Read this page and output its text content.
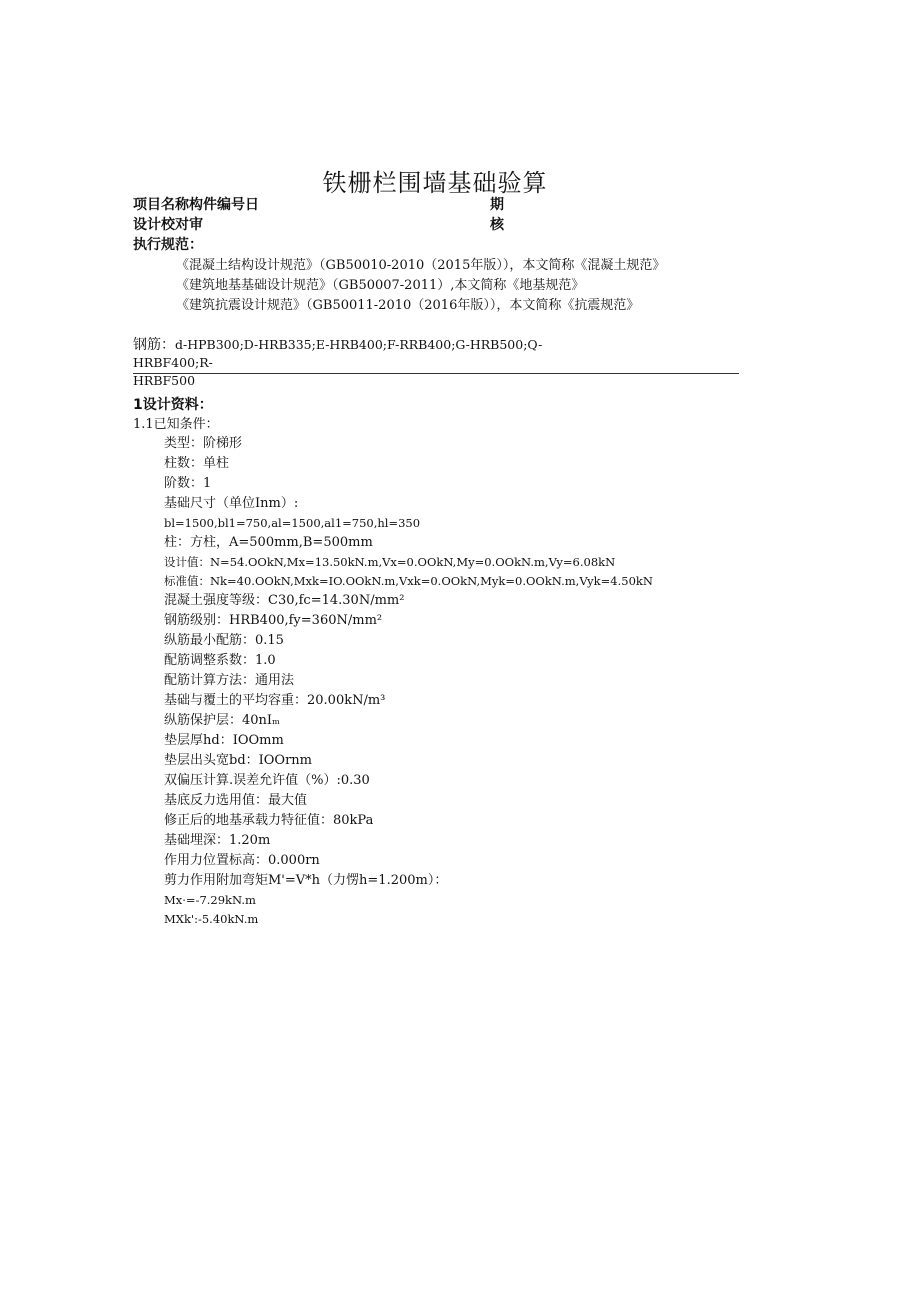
铁栅栏围墙基础验算
项目名称构件编号日	期
设计校对审	核
执行规范：
《混凝土结构设计规范》（GB50010-2010（2015年版）），本文简称《混凝土规范》
《建筑地基基础设计规范》（GB50007-2011）,本文简称《地基规范》
《建筑抗震设计规范》（GB50011-2010（2016年版）），本文简称《抗震规范》
钢筋：d-HPB300;D-HRB335;E-HRB400;F-RRB400;G-HRB500;Q-HRBF400;R-
HRBF500
1设计资料：
1.1已知条件：
类型：阶梯形
柱数：单柱
阶数：1
基础尺寸（单位Inm）:
bl=1500,bl1=750,al=1500,al1=750,hl=350
柱：方柱，A=500mm,B=500mm
设计值：N=54.OOkN,Mx=13.50kN.m,Vx=0.OOkN,My=0.OOkN.m,Vy=6.08kN
标准值：Nk=40.OOkN,Mxk=IO.OOkN.m,Vxk=0.OOkN,Myk=0.OOkN.m,Vyk=4.50kN
混凝土强度等级：C30,fc=14.30N/mm²
钢筋级别：HRB400,fy=360N/mm²
纵筋最小配筋：0.15
配筋调整系数：1.0
配筋计算方法：通用法
基础与覆土的平均容重：20.00kN/m³
纵筋保护层：40nIₘ
垫层厚hd：IOOmm
垫层出头宽bd：IOOrnm
双偏压计算.误差允许值（%）:0.30
基底反力选用值：最大值
修正后的地基承载力特征值：80kPa
基础埋深：1.20m
作用力位置标高：0.000rn
剪力作用附加弯矩M'=V*h（力愣h=1.200m）：
Mx·=-7.29kN.m
MXk':-5.40kN.m
